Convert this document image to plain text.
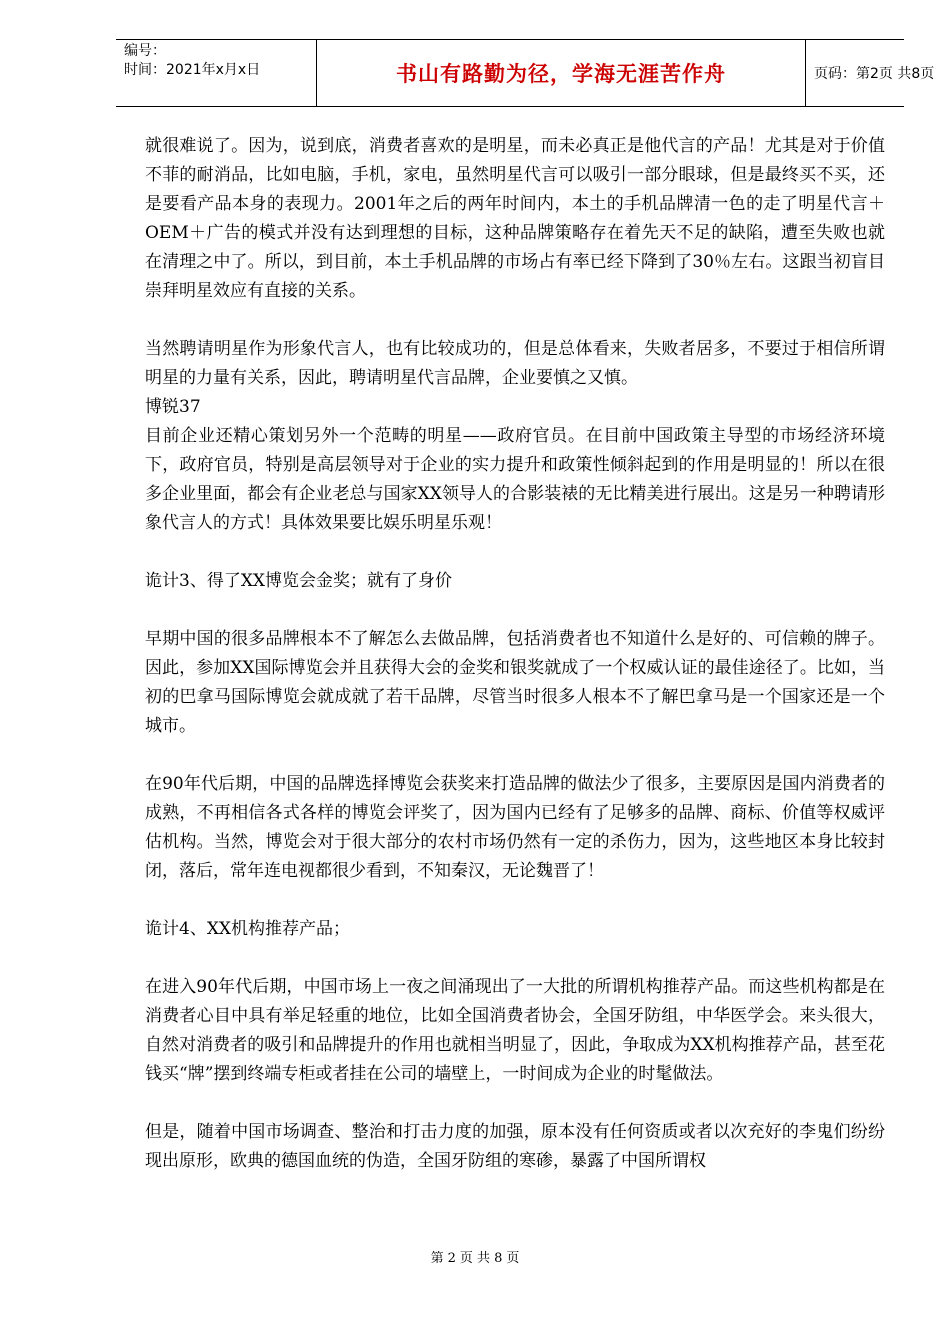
编号：
时间：2021年x月x日	书山有路勤为径，学海无涯苦作舟	页码：第2页 共8页

就很难说了。因为，说到底，消费者喜欢的是明星，而未必真正是他代言的产品！尤其是对于价值不菲的耐消品，比如电脑，手机，家电，虽然明星代言可以吸引一部分眼球，但是最终买不买，还是要看产品本身的表现力。2001年之后的两年时间内，本土的手机品牌清一色的走了明星代言＋OEM＋广告的模式并没有达到理想的目标，这种品牌策略存在着先天不足的缺陷，遭至失败也就在清理之中了。所以，到目前，本土手机品牌的市场占有率已经下降到了30％左右。这跟当初盲目崇拜明星效应有直接的关系。

当然聘请明星作为形象代言人，也有比较成功的，但是总体看来，失败者居多，不要过于相信所谓明星的力量有关系，因此，聘请明星代言品牌，企业要慎之又慎。

博锐37

目前企业还精心策划另外一个范畴的明星——政府官员。在目前中国政策主导型的市场经济环境下，政府官员，特别是高层领导对于企业的实力提升和政策性倾斜起到的作用是明显的！所以在很多企业里面，都会有企业老总与国家XX领导人的合影装裱的无比精美进行展出。这是另一种聘请形象代言人的方式！具体效果要比娱乐明星乐观！

诡计3、得了XX博览会金奖；就有了身价

早期中国的很多品牌根本不了解怎么去做品牌，包括消费者也不知道什么是好的、可信赖的牌子。因此，参加XX国际博览会并且获得大会的金奖和银奖就成了一个权威认证的最佳途径了。比如，当初的巴拿马国际博览会就成就了若干品牌，尽管当时很多人根本不了解巴拿马是一个国家还是一个城市。

在90年代后期，中国的品牌选择博览会获奖来打造品牌的做法少了很多，主要原因是国内消费者的成熟，不再相信各式各样的博览会评奖了，因为国内已经有了足够多的品牌、商标、价值等权威评估机构。当然，博览会对于很大部分的农村市场仍然有一定的杀伤力，因为，这些地区本身比较封闭，落后，常年连电视都很少看到，不知秦汉，无论魏晋了！

诡计4、XX机构推荐产品；

在进入90年代后期，中国市场上一夜之间涌现出了一大批的所谓机构推荐产品。而这些机构都是在消费者心目中具有举足轻重的地位，比如全国消费者协会，全国牙防组，中华医学会。来头很大，自然对消费者的吸引和品牌提升的作用也就相当明显了，因此，争取成为XX机构推荐产品，甚至花钱买“牌”摆到终端专柜或者挂在公司的墙壁上，一时间成为企业的时髦做法。

但是，随着中国市场调查、整治和打击力度的加强，原本没有任何资质或者以次充好的李鬼们纷纷现出原形，欧典的德国血统的伪造，全国牙防组的寒碜，暴露了中国所谓权

第 2 页 共 8 页
